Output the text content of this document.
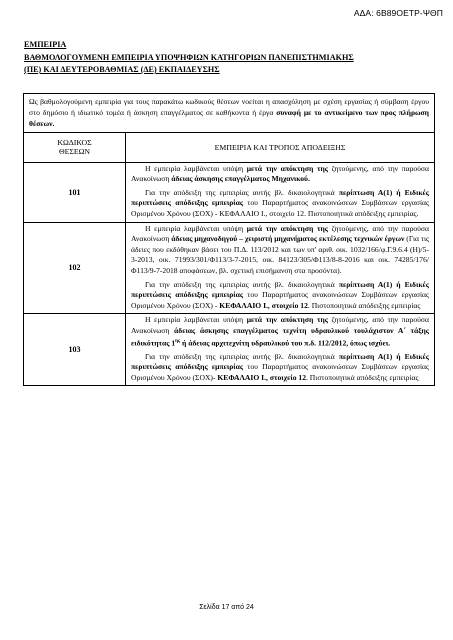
ΑΔΑ: 6Β89ΟΕΤΡ-ΨΘΠ
ΕΜΠΕΙΡΙΑ
ΒΑΘΜΟΛΟΓΟΥΜΕΝΗ ΕΜΠΕΙΡΙΑ ΥΠΟΨΗΦΙΩΝ ΚΑΤΗΓΟΡΙΩΝ ΠΑΝΕΠΙΣΤΗΜΙΑΚΗΣ
(ΠΕ) ΚΑΙ ΔΕΥΤΕΡΟΒΑΘΜΙΑΣ (ΔΕ) ΕΚΠΑΙΔΕΥΣΗΣ
Ως βαθμολογούμενη εμπειρία για τους παρακάτω κωδικούς θέσεων νοείται η απασχόληση με σχέση εργασίας ή σύμβαση έργου στο δημόσιο ή ιδιωτικό τομέα ή άσκηση επαγγέλματος σε καθήκοντα ή έργα συναφή με το αντικείμενο των προς πλήρωση θέσεων.	

ΚΩΔΙΚΟΣ
ΘΕΣΕΩΝ	ΕΜΠΕΙΡΙΑ ΚΑΙ ΤΡΟΠΟΣ ΑΠΟΔΕΙΞΗΣ
101	Η εμπειρία λαμβάνεται υπόψη μετά την απόκτηση της ζητούμενης, από την παρούσα Ανακοίνωση άδειας άσκησης επαγγέλματος Μηχανικού.

Για την απόδειξη της εμπειρίας αυτής βλ. δικαιολογητικά περίπτωση Α(1) ή Ειδικές περιπτώσεις απόδειξης εμπειρίας του Παραρτήματος ανακοινώσεων Συμβάσεων εργασίας Ορισμένου Χρόνου (ΣΟΧ) - ΚΕΦΑΛΑΙΟ Ι., στοιχείο 12. Πιστοποιητικά απόδειξης εμπειρίας.

102	Η εμπειρία λαμβάνεται υπόψη μετά την απόκτηση της ζητούμενης, από την παρούσα Ανακοίνωση άδειας μηχανοδηγού – χειριστή μηχανήματος εκτέλεσης τεχνικών έργων (Για τις άδειες που εκδόθηκαν βάσει του Π.Δ. 113/2012 και των υπ' αριθ. οικ. 1032/166/φ.Γ.9.6.4 (Η)/5-3-2013, οικ. 71993/301/Φ113/3-7-2015, οικ. 84123/305/Φ113/8-8-2016 και οικ. 74285/176/Φ113/9-7-2018 αποφάσεων, βλ. σχετική επισήμανση στα προσόντα).

Για την απόδειξη της εμπειρίας αυτής βλ. δικαιολογητικά περίπτωση Α(1) ή Ειδικές περιπτώσεις απόδειξης εμπειρίας του Παραρτήματος ανακοινώσεων Συμβάσεων εργασίας Ορισμένου Χρόνου (ΣΟΧ) - ΚΕΦΑΛΑΙΟ Ι., στοιχείο 12. Πιστοποιητικά απόδειξης εμπειρίας

103	Η εμπειρία λαμβάνεται υπόψη μετά την απόκτηση της ζητούμενης, από την παρούσα Ανακοίνωση άδειας άσκησης επαγγέλματος τεχνίτη υδραυλικού τουλάχιστον Α΄ τάξης ειδικότητας $1^{\eta\varsigma}$ ή άδειας αρχιτεχνίτη υδραυλικού του π.δ. 112/2012, όπως ισχύει.

Για την απόδειξη της εμπειρίας αυτής βλ. δικαιολογητικά περίπτωση Α(1) ή Ειδικές περιπτώσεις απόδειξης εμπειρίας του Παραρτήματος ανακοινώσεων Συμβάσεων εργασίας Ορισμένου Χρόνου (ΣΟΧ)- ΚΕΦΑΛΑΙΟ Ι., στοιχείο 12. Πιστοποιητικά απόδειξης εμπειρίας

Σελίδα 17 από 24
